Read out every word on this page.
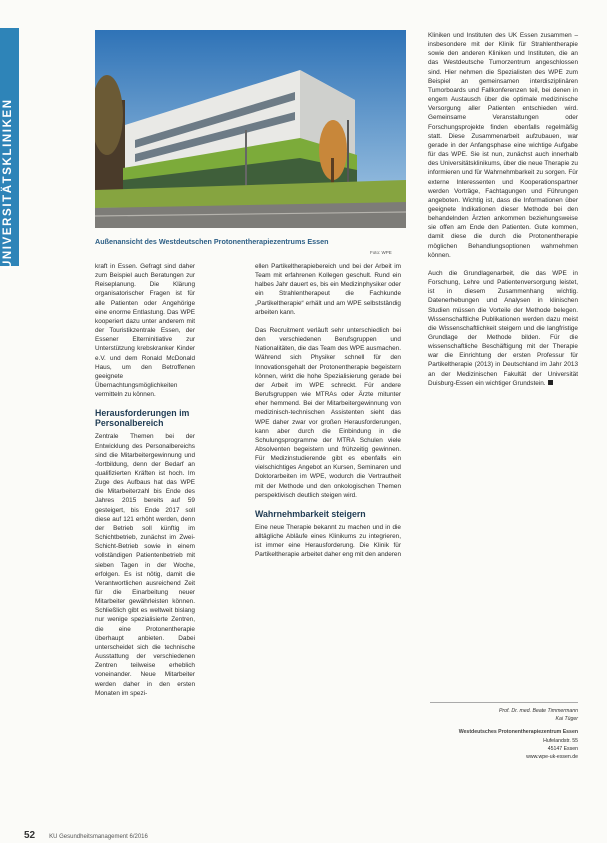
UNIVERSITÄTSKLINIKEN	Außenansicht des Westdeutschen Protonentherapiezentrums Essen
Foto: WPE

kraft in Essen. Gefragt sind daher zum Beispiel auch Beratungen zur Reiseplanung. Die Klärung organisatorischer Fragen ist für alle Patienten oder Angehörige eine enorme Entlastung. Das WPE kooperiert dazu unter anderem mit der Touristikzentrale Essen, der Essener Elterninitiative zur Unterstützung krebskranker Kinder e.V. und dem Ronald McDonald Haus, um den Betroffenen geeignete Übernachtungsmöglichkeiten vermitteln zu können.

Herausforderungen im Personalbereich

Zentrale Themen bei der Entwicklung des Personalbereichs sind die Mitarbeitergewinnung und -fortbildung, denn der Bedarf an qualifizierten Kräften ist hoch. Im Zuge des Aufbaus hat das WPE die Mitarbeiterzahl bis Ende des Jahres 2015 bereits auf 59 gesteigert, bis Ende 2017 soll diese auf 121 erhöht werden, denn der Betrieb soll künftig im Schichtbetrieb, zunächst im Zwei-Schicht-Betrieb sowie in einem vollständigen Patientenbetrieb mit sieben Tagen in der Woche, erfolgen. Es ist nötig, damit die Verantwortlichen ausreichend Zeit für die Einarbeitung neuer Mitarbeiter gewährleisten können. Schließlich gibt es weltweit bislang nur wenige spezialisierte Zentren, die eine Protonentherapie überhaupt anbieten. Dabei unterscheidet sich die technische Ausstattung der verschiedenen Zentren teilweise erheblich voneinander. Neue Mitarbeiter werden daher in den ersten Monaten im spezi-

ellen Partikeltherapiebereich und bei der Arbeit im Team mit erfahrenen Kollegen geschult. Rund ein halbes Jahr dauert es, bis ein Medizinphysiker oder ein Strahlentherapeut die Fachkunde „Partikeltherapie“ erhält und am WPE selbstständig arbeiten kann.

Das Recruitment verläuft sehr unterschiedlich bei den verschiedenen Berufsgruppen und Nationalitäten, die das Team des WPE ausmachen. Während sich Physiker schnell für den Innovationsgehalt der Protonentherapie begeistern können, wirkt die hohe Spezialisierung gerade bei der Arbeit im WPE schreckt. Für andere Berufsgruppen wie MTRAs oder Ärzte mitunter eher hemmend. Bei der Mitarbeitergewinnung von medizinisch-technischen Assistenten sieht das WPE daher zwar vor großen Herausforderungen, kann aber durch die Einbindung in die Schulungsprogramme der MTRA Schulen viele Absolventen begeistern und frühzeitig gewinnen. Für Medizinstudierende gibt es ebenfalls ein vielschichtiges Angebot an Kursen, Seminaren und Doktorarbeiten im WPE, wodurch die Vertrautheit mit der Methode und den onkologischen Themen perspektivisch deutlich steigen wird.

Wahrnehmbarkeit steigern

Eine neue Therapie bekannt zu machen und in die alltägliche Abläufe eines Klinikums zu integrieren, ist immer eine Herausforderung. Die Klinik für Partikeltherapie arbeitet daher eng mit den anderen

Kliniken und Instituten des UK Essen zusammen – insbesondere mit der Klinik für Strahlentherapie sowie den anderen Kliniken und Instituten, die an das Westdeutsche Tumorzentrum angeschlossen sind. Hier nehmen die Spezialisten des WPE zum Beispiel an gemeinsamen interdisziplinären Tumorboards und Fallkonferenzen teil, bei denen in engem Austausch über die optimale medizinische Versorgung aller Patienten entschieden wird. Gemeinsame Veranstaltungen oder Forschungsprojekte finden ebenfalls regelmäßig statt. Diese Zusammenarbeit aufzubauen, war gerade in der Anfangsphase eine wichtige Aufgabe für das WPE. Sie ist nun, zunächst auch innerhalb des Universitätsklinikums, über die neue Therapie zu informieren und für Wahrnehmbarkeit zu sorgen. Für externe Interessenten und Kooperationspartner werden Vorträge, Fachtagungen und Führungen angeboten. Wichtig ist, dass die Informationen über geeignete Indikationen dieser Methode bei den behandelnden Ärzten ankommen beziehungsweise sie offen am Ende den Patienten. Gute kommen, damit diese die durch die Protonentherapie möglichen Behandlungsoptionen wahrnehmen können.

Auch die Grundlagenarbeit, die das WPE in Forschung, Lehre und Patientenversorgung leistet, ist in diesem Zusammenhang wichtig. Datenerhebungen und Analysen in klinischen Studien müssen die Vorteile der Methode belegen. Wissenschaftliche Publikationen werden dazu meist die Wissenschaftlichkeit steigern und die langfristige Grundlage der Methode bilden. Für die wissenschaftliche Beschäftigung mit der Therapie war die Einrichtung der ersten Professur für Partikeltherapie (2013) in Deutschland im Jahr 2013 an der Medizinischen Fakultät der Universität Duisburg-Essen ein wichtiger Grundstein.

Prof. Dr. med. Beate Timmermann
Kai Tüger
Westdeutsches Protonentherapiezentrum Essen
Hufelandstr. 55
45147 Essen
www.wpe-uk-essen.de
52 KU Gesundheitsmanagement 6/2016
